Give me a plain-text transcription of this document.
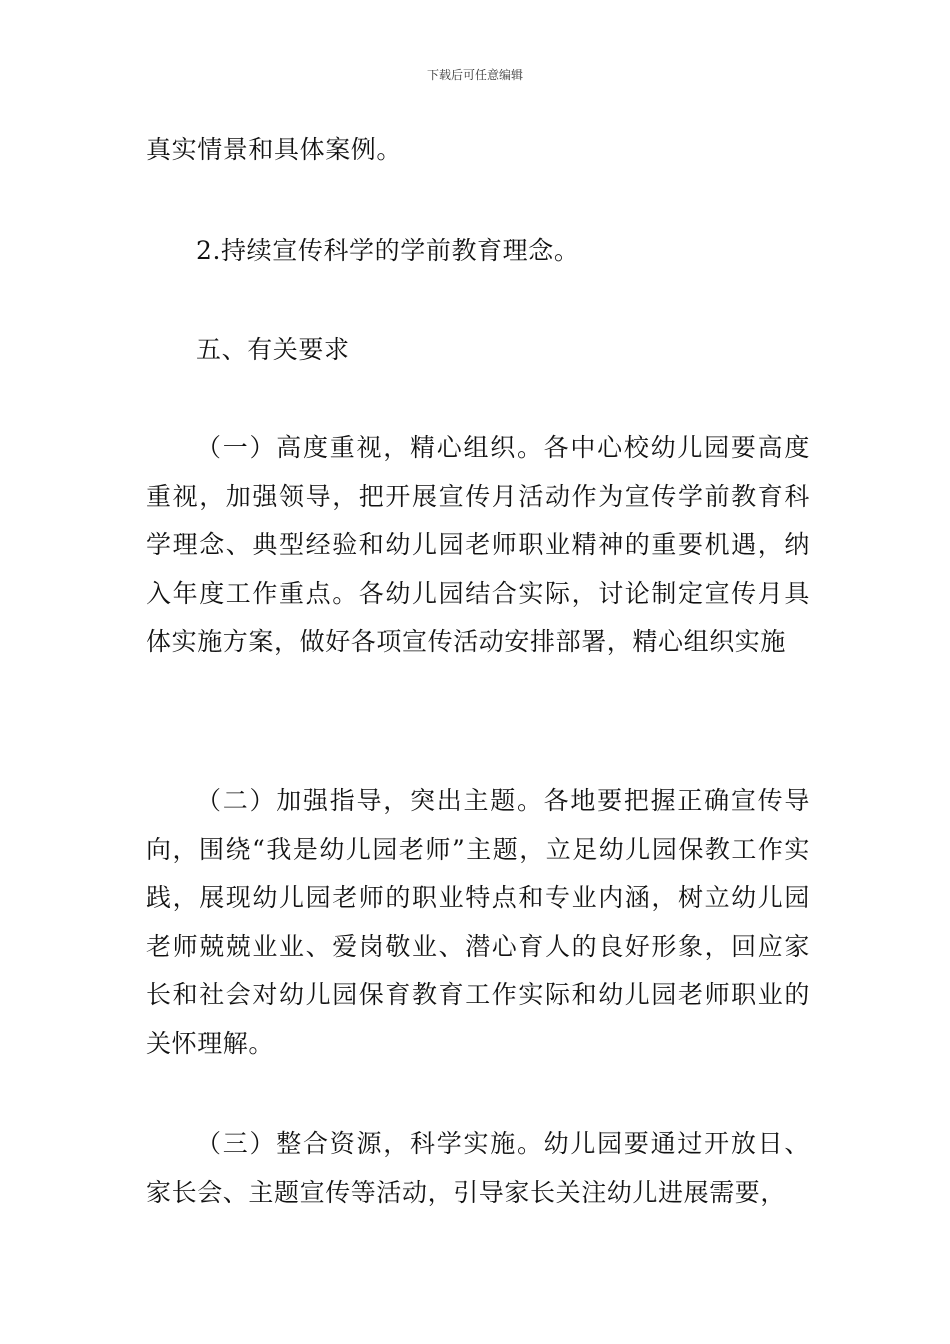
下载后可任意编辑

真实情景和具体案例。

2.持续宣传科学的学前教育理念。

五、有关要求

（一）高度重视，精心组织。各中心校幼儿园要高度重视，加强领导，把开展宣传月活动作为宣传学前教育科学理念、典型经验和幼儿园老师职业精神的重要机遇，纳入年度工作重点。各幼儿园结合实际，讨论制定宣传月具体实施方案，做好各项宣传活动安排部署，精心组织实施

（二）加强指导，突出主题。各地要把握正确宣传导向，围绕“我是幼儿园老师”主题，立足幼儿园保教工作实践，展现幼儿园老师的职业特点和专业内涵，树立幼儿园老师兢兢业业、爱岗敬业、潜心育人的良好形象，回应家长和社会对幼儿园保育教育工作实际和幼儿园老师职业的关怀理解。

（三）整合资源，科学实施。幼儿园要通过开放日、家长会、主题宣传等活动，引导家长关注幼儿进展需要，
